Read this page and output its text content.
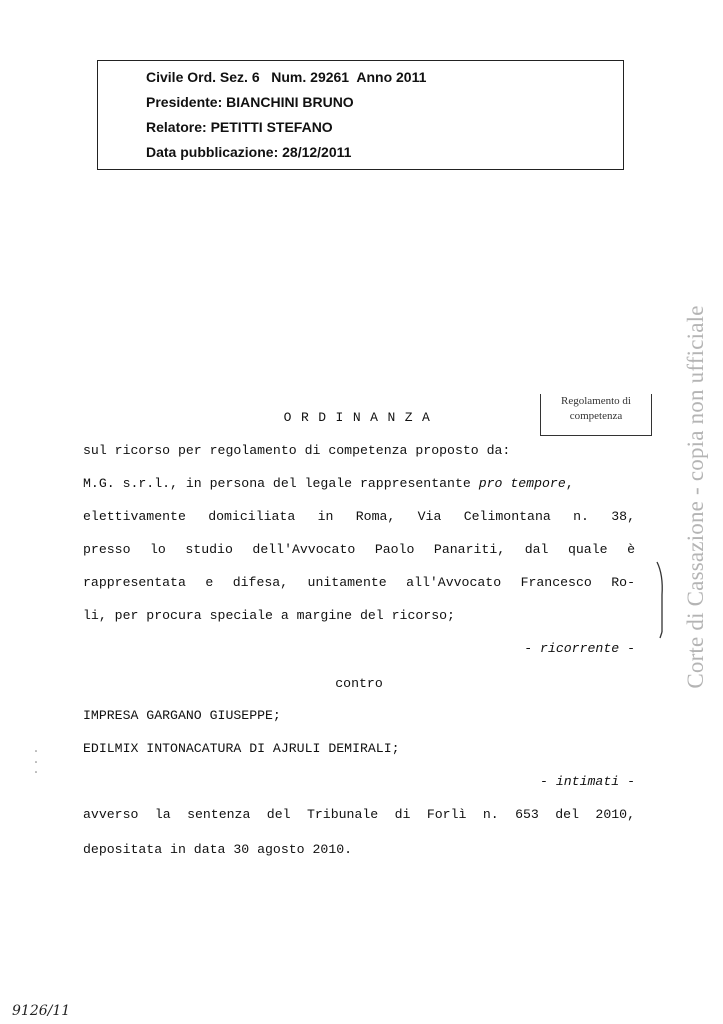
Civile Ord. Sez. 6   Num. 29261  Anno 2011
Presidente: BIANCHINI BRUNO
Relatore: PETITTI STEFANO
Data pubblicazione: 28/12/2011
Regolamento di
competenza	Corte di Cassazione - copia non ufficiale
ORDINANZA
sul ricorso per regolamento di competenza proposto da:
M.G. s.r.l., in persona del legale rappresentante pro tempore,
elettivamente domiciliata in Roma, Via Celimontana n. 38,
presso lo studio dell'Avvocato Paolo Panariti, dal quale è
rappresentata e difesa, unitamente all'Avvocato Francesco Ro-
li, per procura speciale a margine del ricorso;
- ricorrente -
contro
IMPRESA GARGANO GIUSEPPE;
EDILMIX INTONACATURA DI AJRULI DEMIRALI;
- intimati -
avverso la sentenza del Tribunale di Forlì n. 653 del 2010,
depositata in data 30 agosto 2010.
9126/11
